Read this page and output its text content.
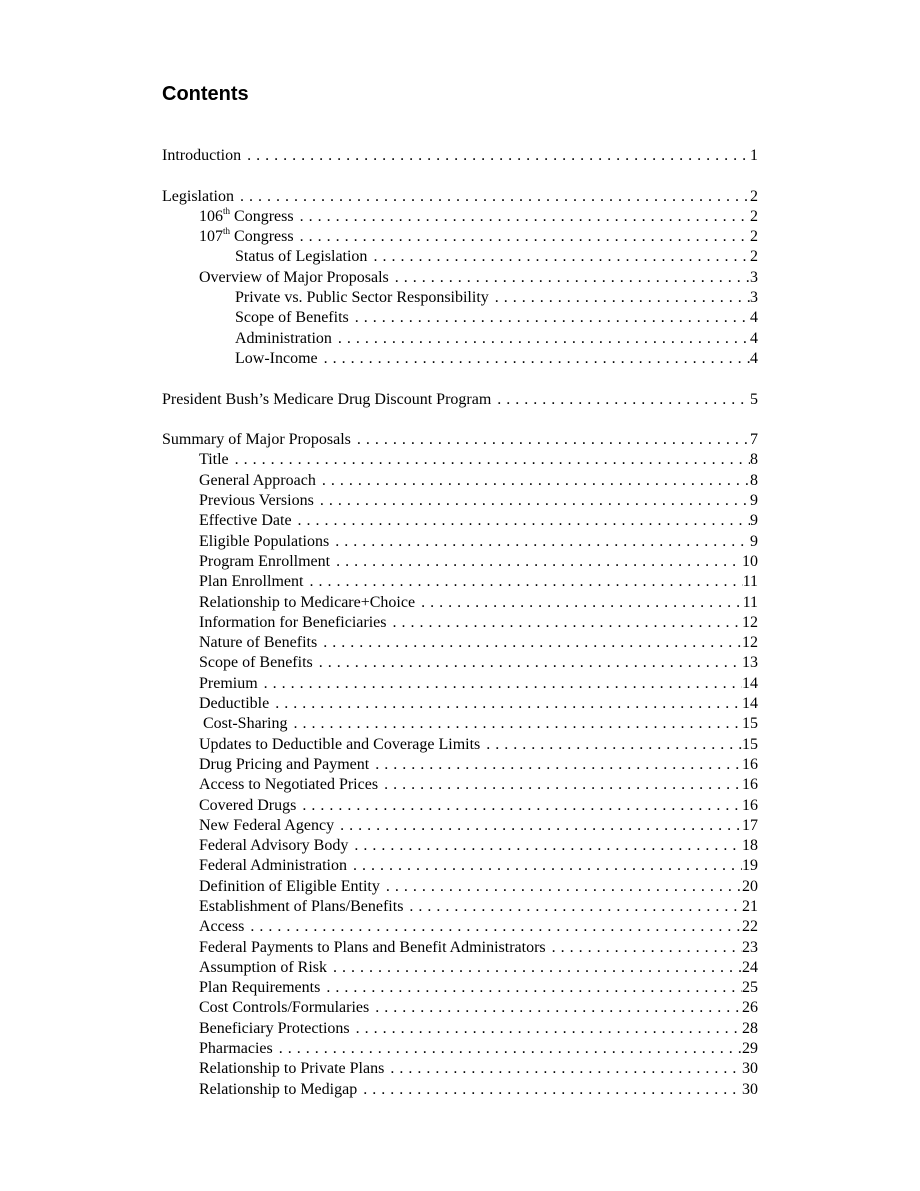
Contents
Introduction . . .	1
Legislation . . .	2
106th Congress . . .	2
107th Congress . . .	2
Status of Legislation . . .	2
Overview of Major Proposals . . .	3
Private vs. Public Sector Responsibility . . .	3
Scope of Benefits . . .	4
Administration . . .	4
Low-Income . . .	4
President Bush’s Medicare Drug Discount Program . . .	5
Summary of Major Proposals . . .	7
Title . . .	8
General Approach . . .	8
Previous Versions . . .	9
Effective Date . . .	9
Eligible Populations . . .	9
Program Enrollment . . .	10
Plan Enrollment . . .	11
Relationship to Medicare+Choice . . .	11
Information for Beneficiaries . . .	12
Nature of Benefits . . .	12
Scope of Benefits . . .	13
Premium . . .	14
Deductible . . .	14
Cost-Sharing . . .	15
Updates to Deductible and Coverage Limits . . .	15
Drug Pricing and Payment . . .	16
Access to Negotiated Prices . . .	16
Covered Drugs . . .	16
New Federal Agency . . .	17
Federal Advisory Body . . .	18
Federal Administration . . .	19
Definition of Eligible Entity . . .	20
Establishment of Plans/Benefits . . .	21
Access . . .	22
Federal Payments to Plans and Benefit Administrators . . .	23
Assumption of Risk . . .	24
Plan Requirements . . .	25
Cost Controls/Formularies . . .	26
Beneficiary Protections . . .	28
Pharmacies . . .	29
Relationship to Private Plans . . .	30
Relationship to Medigap . . .	30
